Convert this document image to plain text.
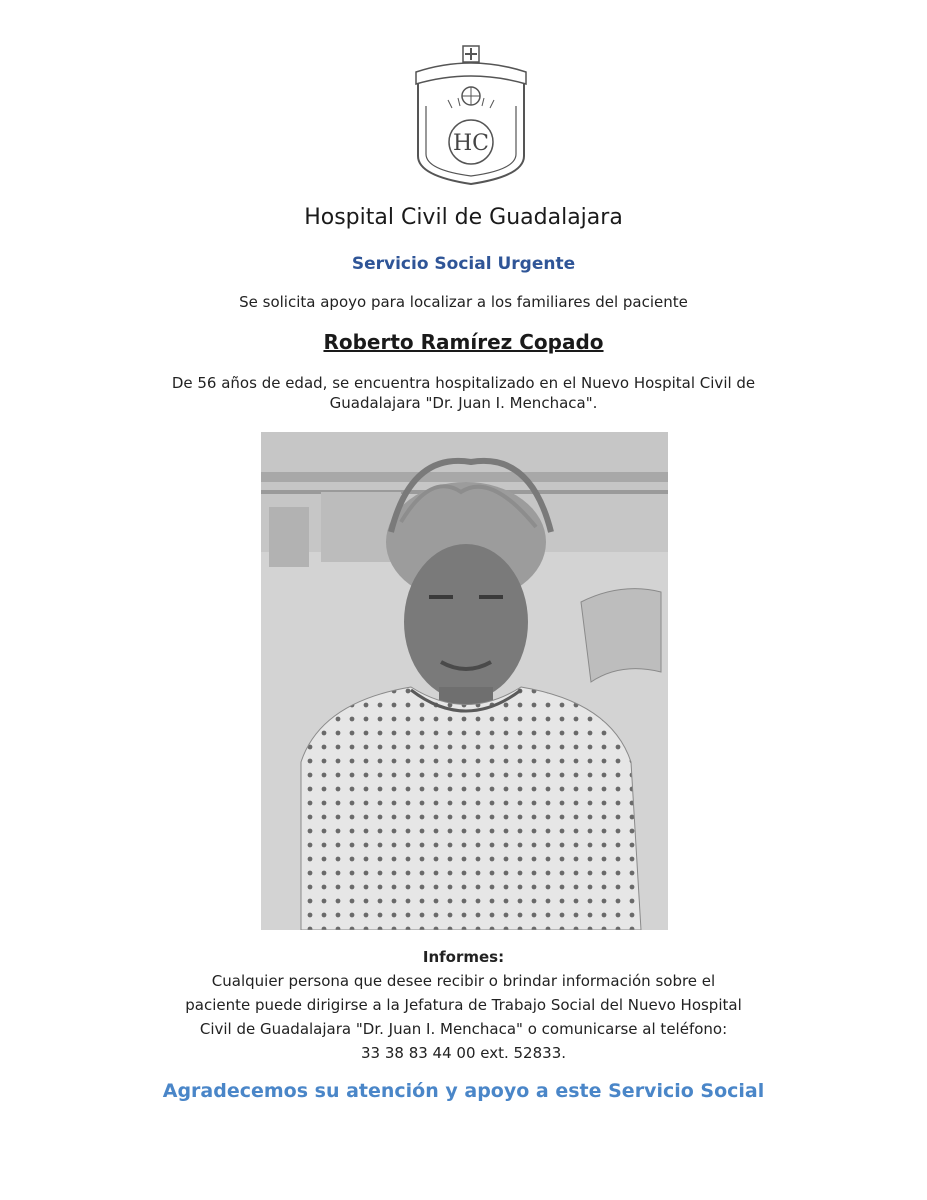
HC
Hospital Civil de Guadalajara
Servicio Social Urgente
Se solicita apoyo para localizar a los familiares del paciente
Roberto Ramírez Copado
De 56 años de edad, se encuentra hospitalizado en el Nuevo Hospital Civil de Guadalajara "Dr. Juan I. Menchaca".
Informes:
Cualquier persona que desee recibir o brindar información sobre el
paciente puede dirigirse a la Jefatura de Trabajo Social del Nuevo Hospital
Civil de Guadalajara "Dr. Juan I. Menchaca" o comunicarse al teléfono:
33 38 83 44 00 ext. 52833.
Agradecemos su atención y apoyo a este Servicio Social
